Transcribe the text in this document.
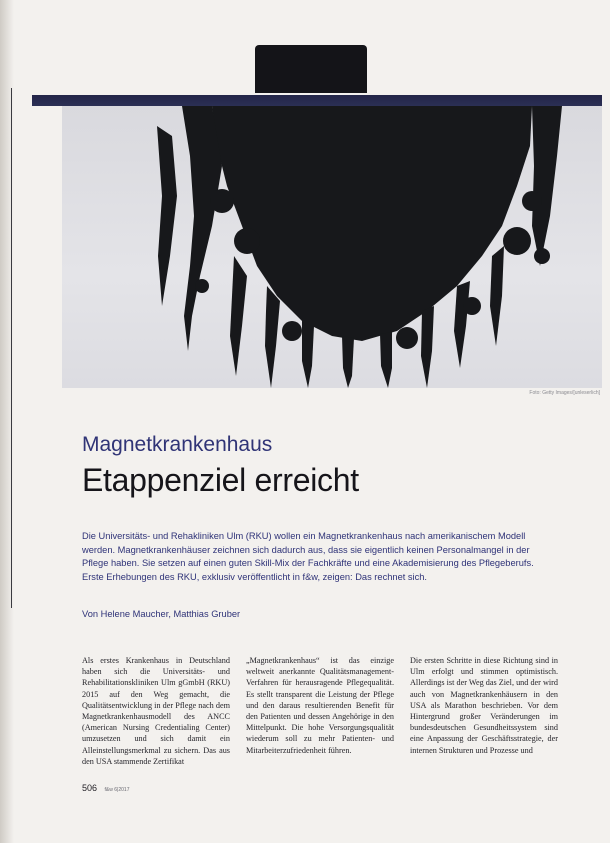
Foto: Getty Images/[unleserlich]
Magnetkrankenhaus
Etappenziel erreicht
Die Universitäts- und Rehakliniken Ulm (RKU) wollen ein Magnetkrankenhaus nach amerikanischem Modell werden. Magnetkrankenhäuser zeichnen sich dadurch aus, dass sie eigentlich keinen Personalmangel in der Pflege haben. Sie setzen auf einen guten Skill-Mix der Fachkräfte und eine Akademisierung des Pflegeberufs. Erste Erhebungen des RKU, exklusiv veröffentlicht in f&w, zeigen: Das rechnet sich.
Von Helene Maucher, Matthias Gruber
Als erstes Krankenhaus in Deutschland haben sich die Universitäts- und Rehabilitationskliniken Ulm gGmbH (RKU) 2015 auf den Weg gemacht, die Qualitätsentwicklung in der Pflege nach dem Magnetkrankenhausmodell des ANCC (American Nursing Credentialing Center) umzusetzen und sich damit ein Alleinstellungsmerkmal zu sichern. Das aus den USA stammende Zertifikat
„Magnetkrankenhaus“ ist das einzige weltweit anerkannte Qualitätsmanagement-Verfahren für herausragende Pflegequalität. Es stellt transparent die Leistung der Pflege und den daraus resultierenden Benefit für den Patienten und dessen Angehörige in den Mittelpunkt. Die hohe Versorgungsqualität wiederum soll zu mehr Patienten- und Mitarbeiterzufriedenheit führen.
Die ersten Schritte in diese Richtung sind in Ulm erfolgt und stimmen optimistisch. Allerdings ist der Weg das Ziel, und der wird auch von Magnetkrankenhäusern in den USA als Marathon beschrieben. Vor dem Hintergrund großer Veränderungen im bundesdeutschen Gesundheitssystem sind eine Anpassung der Geschäftsstrategie, der internen Strukturen und Prozesse und
506 f&w 6|2017
